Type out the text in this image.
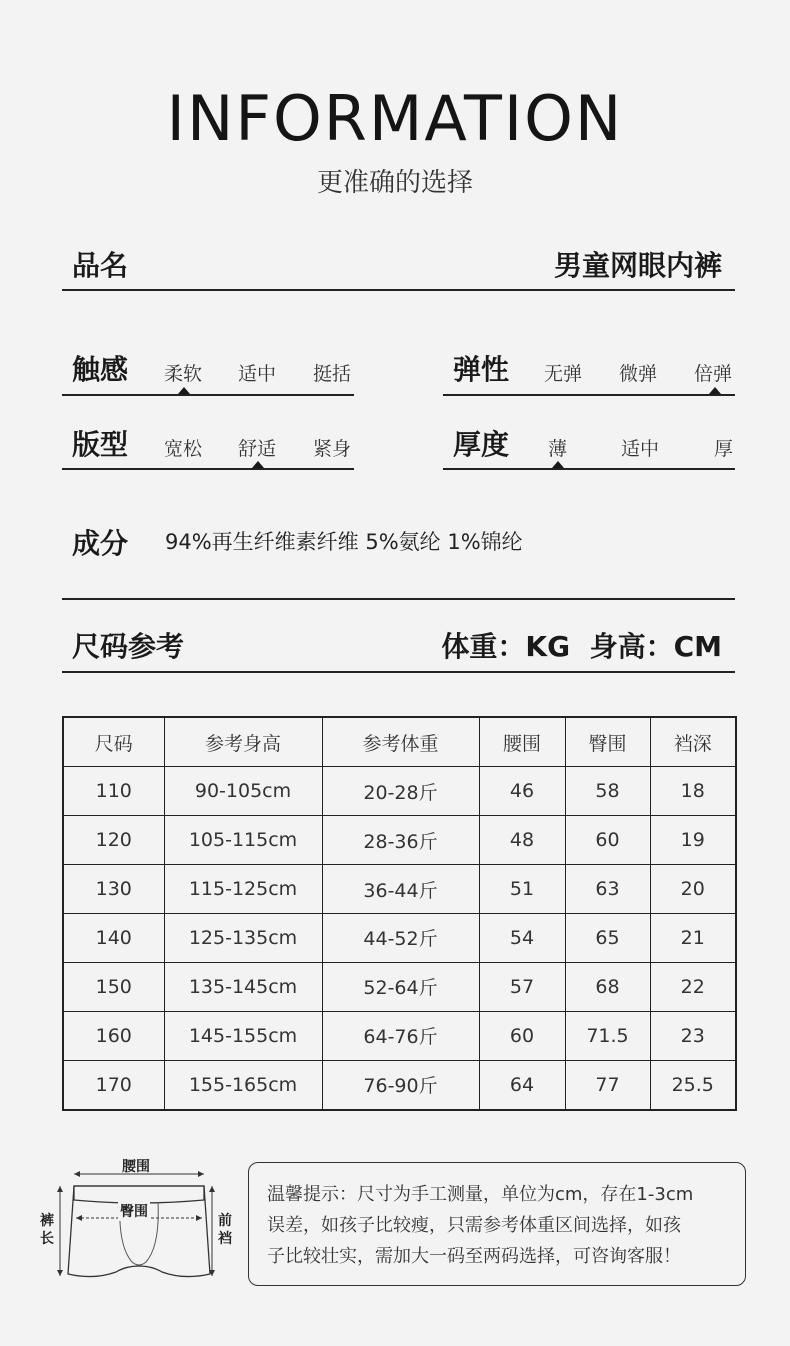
INFORMATION
更准确的选择
品名	男童网眼内裤
触感 柔软 适中 挺括	弹性 无弹 微弹 倍弹
版型 宽松 舒适 紧身	厚度 薄	适中	厚
成分 94%再生纤维素纤维 5%氨纶 1%锦纶
尺码参考	体重：KG  身高：CM
尺码	参考身高	参考体重	腰围	臀围	裆深
110	90-105cm	20-28斤	46	58	18
120	105-115cm	28-36斤	48	60	19
130	115-125cm	36-44斤	51	63	20
140	125-135cm	44-52斤	54	65	21
150	135-145cm	52-64斤	57	68	22
160	145-155cm	64-76斤	60	71.5	23
170	155-165cm	76-90斤	64	77	25.5
腰围
臀围
裤长
前裆
温馨提示：尺寸为手工测量，单位为cm，存在1-3cm
误差，如孩子比较瘦，只需参考体重区间选择，如孩
子比较壮实，需加大一码至两码选择，可咨询客服！
